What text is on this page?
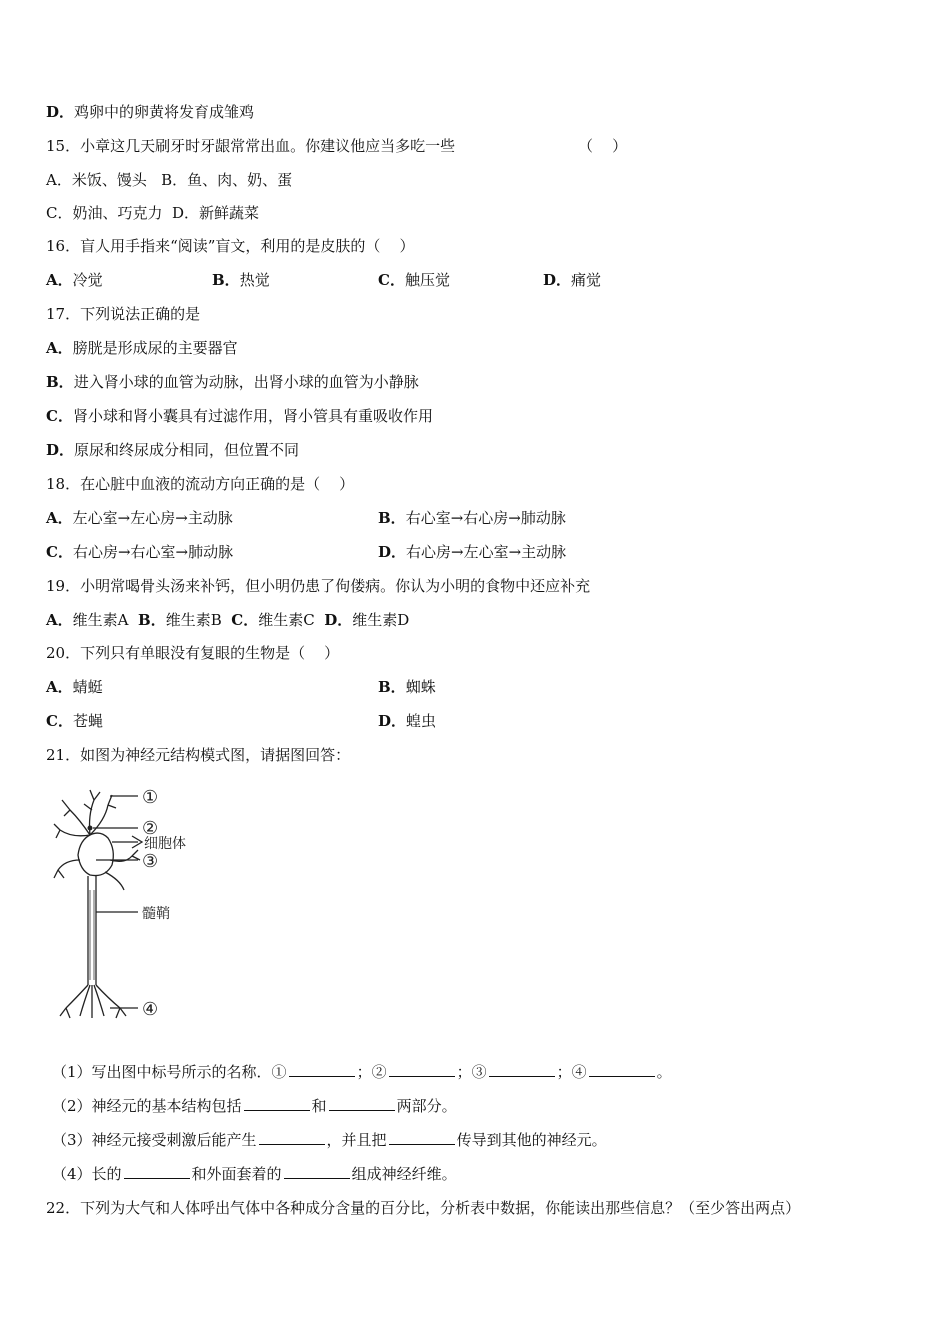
D．鸡卵中的卵黄将发育成雏鸡
15．小章这几天刷牙时牙龈常常出血。你建议他应当多吃一些	（    ）
A．米饭、馒头   B．鱼、肉、奶、蛋
C．奶油、巧克力  D．新鲜蔬菜
16．盲人用手指来“阅读”盲文，利用的是皮肤的（    ）
A．冷觉	B．热觉	C．触压觉	D．痛觉
17．下列说法正确的是
A．膀胱是形成尿的主要器官
B．进入肾小球的血管为动脉，出肾小球的血管为小静脉
C．肾小球和肾小囊具有过滤作用，肾小管具有重吸收作用
D．原尿和终尿成分相同，但位置不同
18．在心脏中血液的流动方向正确的是（    ）
A．左心室→左心房→主动脉	B．右心室→右心房→肺动脉
C．右心房→右心室→肺动脉	D．右心房→左心室→主动脉
19．小明常喝骨头汤来补钙，但小明仍患了佝偻病。你认为小明的食物中还应补充
A．维生素A B．维生素B C．维生素C D．维生素D
20．下列只有单眼没有复眼的生物是（    ）
A．蜻蜓	B．蜘蛛
C．苍蝇	D．蝗虫
21．如图为神经元结构模式图，请据图回答：
①
②
细胞体
③
髓鞘
④
（1）写出图中标号所示的名称．①	；②	；③	；④	。
（2）神经元的基本结构包括	和	两部分。
（3）神经元接受刺激后能产生	，并且把	传导到其他的神经元。
（4）长的	和外面套着的	组成神经纤维。
22．下列为大气和人体呼出气体中各种成分含量的百分比，分析表中数据，你能读出那些信息？（至少答出两点）
